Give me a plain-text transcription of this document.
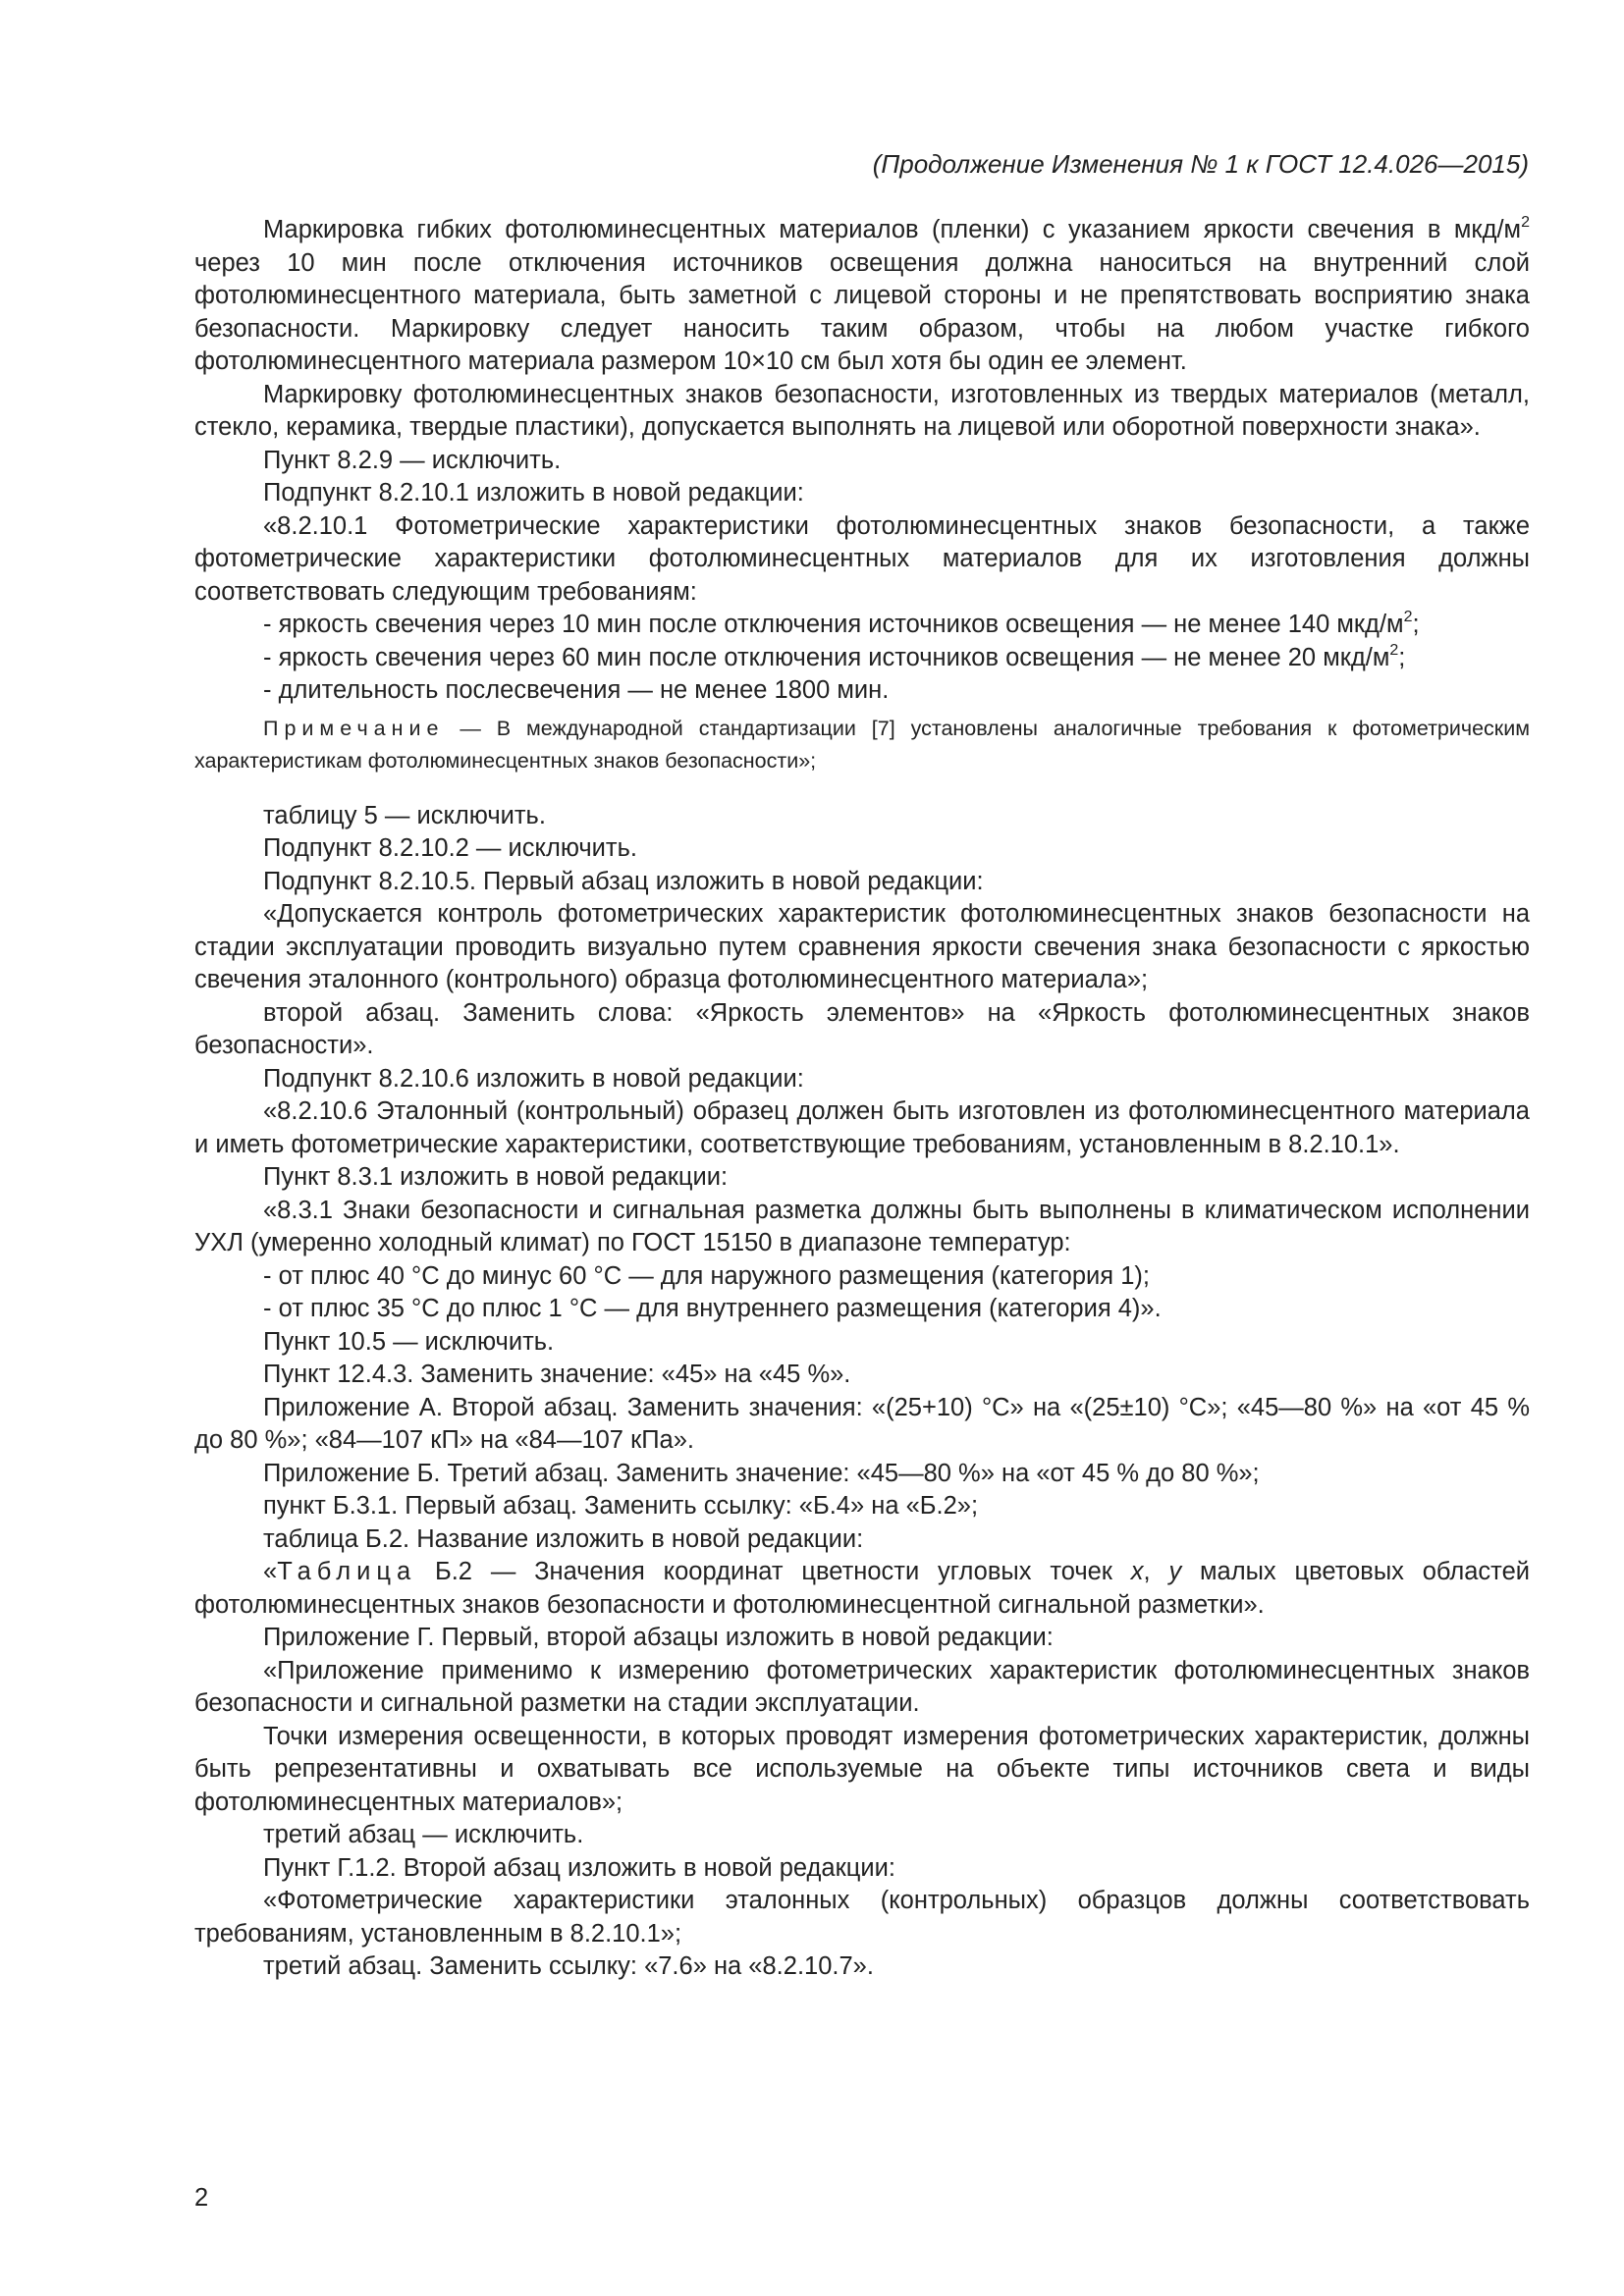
(Продолжение Изменения № 1 к ГОСТ 12.4.026—2015)

Маркировка гибких фотолюминесцентных материалов (пленки) с указанием яркости свечения в мкд/$м^2$ через 10 мин после отключения источников освещения должна наноситься на внутренний слой фотолюминесцентного материала, быть заметной с лицевой стороны и не препятствовать восприятию знака безопасности. Маркировку следует наносить таким образом, чтобы на любом участке гибкого фотолюминесцентного материала размером 10×10 см был хотя бы один ее элемент.

Маркировку фотолюминесцентных знаков безопасности, изготовленных из твердых материалов (металл, стекло, керамика, твердые пластики), допускается выполнять на лицевой или оборотной поверхности знака».

Пункт 8.2.9 — исключить.

Подпункт 8.2.10.1 изложить в новой редакции:

«8.2.10.1 Фотометрические характеристики фотолюминесцентных знаков безопасности, а также фотометрические характеристики фотолюминесцентных материалов для их изготовления должны соответствовать следующим требованиям:

- яркость свечения через 10 мин после отключения источников освещения — не менее 140 мкд/$м^2$;

- яркость свечения через 60 мин после отключения источников освещения — не менее 20 мкд/$м^2$;

- длительность послесвечения — не менее 1800 мин.

Примечание — В международной стандартизации [7] установлены аналогичные требования к фотометрическим характеристикам фотолюминесцентных знаков безопасности»;

таблицу 5 — исключить.

Подпункт 8.2.10.2 — исключить.

Подпункт 8.2.10.5. Первый абзац изложить в новой редакции:

«Допускается контроль фотометрических характеристик фотолюминесцентных знаков безопасности на стадии эксплуатации проводить визуально путем сравнения яркости свечения знака безопасности с яркостью свечения эталонного (контрольного) образца фотолюминесцентного материала»;

второй абзац. Заменить слова: «Яркость элементов» на «Яркость фотолюминесцентных знаков безопасности».

Подпункт 8.2.10.6 изложить в новой редакции:

«8.2.10.6 Эталонный (контрольный) образец должен быть изготовлен из фотолюминесцентного материала и иметь фотометрические характеристики, соответствующие требованиям, установленным в 8.2.10.1».

Пункт 8.3.1 изложить в новой редакции:

«8.3.1 Знаки безопасности и сигнальная разметка должны быть выполнены в климатическом исполнении УХЛ (умеренно холодный климат) по ГОСТ 15150 в диапазоне температур:

- от плюс 40 °С до минус 60 °С — для наружного размещения (категория 1);

- от плюс 35 °С до плюс 1 °С — для внутреннего размещения (категория 4)».

Пункт 10.5 — исключить.

Пункт 12.4.3. Заменить значение: «45» на «45 %».

Приложение А. Второй абзац. Заменить значения: «(25+10) °С» на «(25±10) °С»; «45—80 %» на «от 45 % до 80 %»; «84—107 кП» на «84—107 кПа».

Приложение Б. Третий абзац. Заменить значение: «45—80 %» на «от 45 % до 80 %»;

пункт Б.3.1. Первый абзац. Заменить ссылку: «Б.4» на «Б.2»;

таблица Б.2. Название изложить в новой редакции:

«Таблица Б.2 — Значения координат цветности угловых точек x, y малых цветовых областей фотолюминесцентных знаков безопасности и фотолюминесцентной сигнальной разметки».

Приложение Г. Первый, второй абзацы изложить в новой редакции:

«Приложение применимо к измерению фотометрических характеристик фотолюминесцентных знаков безопасности и сигнальной разметки на стадии эксплуатации.

Точки измерения освещенности, в которых проводят измерения фотометрических характеристик, должны быть репрезентативны и охватывать все используемые на объекте типы источников света и виды фотолюминесцентных материалов»;

третий абзац — исключить.

Пункт Г.1.2. Второй абзац изложить в новой редакции:

«Фотометрические характеристики эталонных (контрольных) образцов должны соответствовать требованиям, установленным в 8.2.10.1»;

третий абзац. Заменить ссылку: «7.6» на «8.2.10.7».

2
